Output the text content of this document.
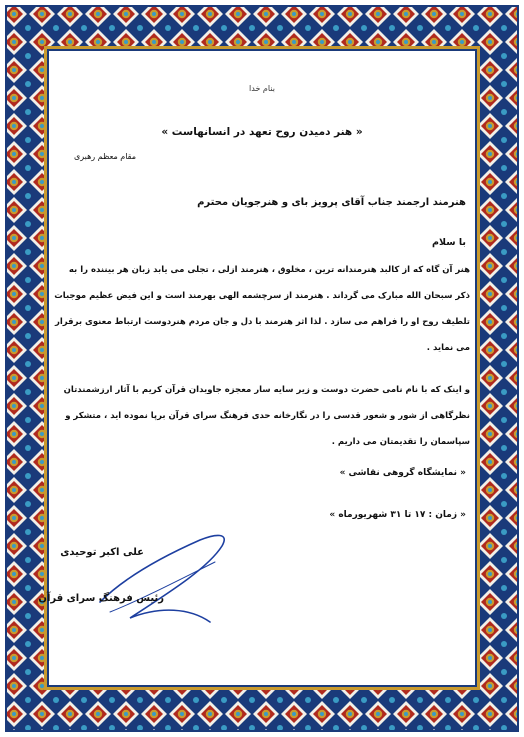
بنام خدا
« هنر دمیدن روح تعهد در انسانهاست »
مقام معظم رهبری
هنرمند ارجمند جناب آقای پرویز بای و هنرجویان محترم
با سلام
هنر آن گاه که از کالبد هنرمندانه ترین ، مخلوق ، هنرمند ازلی ، تجلی می یابد زبان هر بیننده را به ذکر سبحان الله مبارک می گرداند . هنرمند از سرچشمه الهی بهرمند است و این فیض عظیم موجبات تلطیف روح او را فراهم می سازد . لذا اثر هنرمند با دل و جان مردم هنردوست ارتباط معنوی برقرار می نماید .
و اینک که با نام نامی حضرت دوست و زیر سایه سار معجزه جاویدان قرآن کریم با آثار ارزشمندتان نظرگاهی از شور و شعور قدسی را در نگارخانه حدی فرهنگ سرای قرآن برپا نموده اید ، متشکر و سپاسمان را تقدیمتان می داریم .
« نمایشگاه گروهی نقاشی »
« زمان : ۱۷ تا ۳۱ شهریورماه »
علی اکبر توحیدی
رئیس فرهنگ سرای قرآن
